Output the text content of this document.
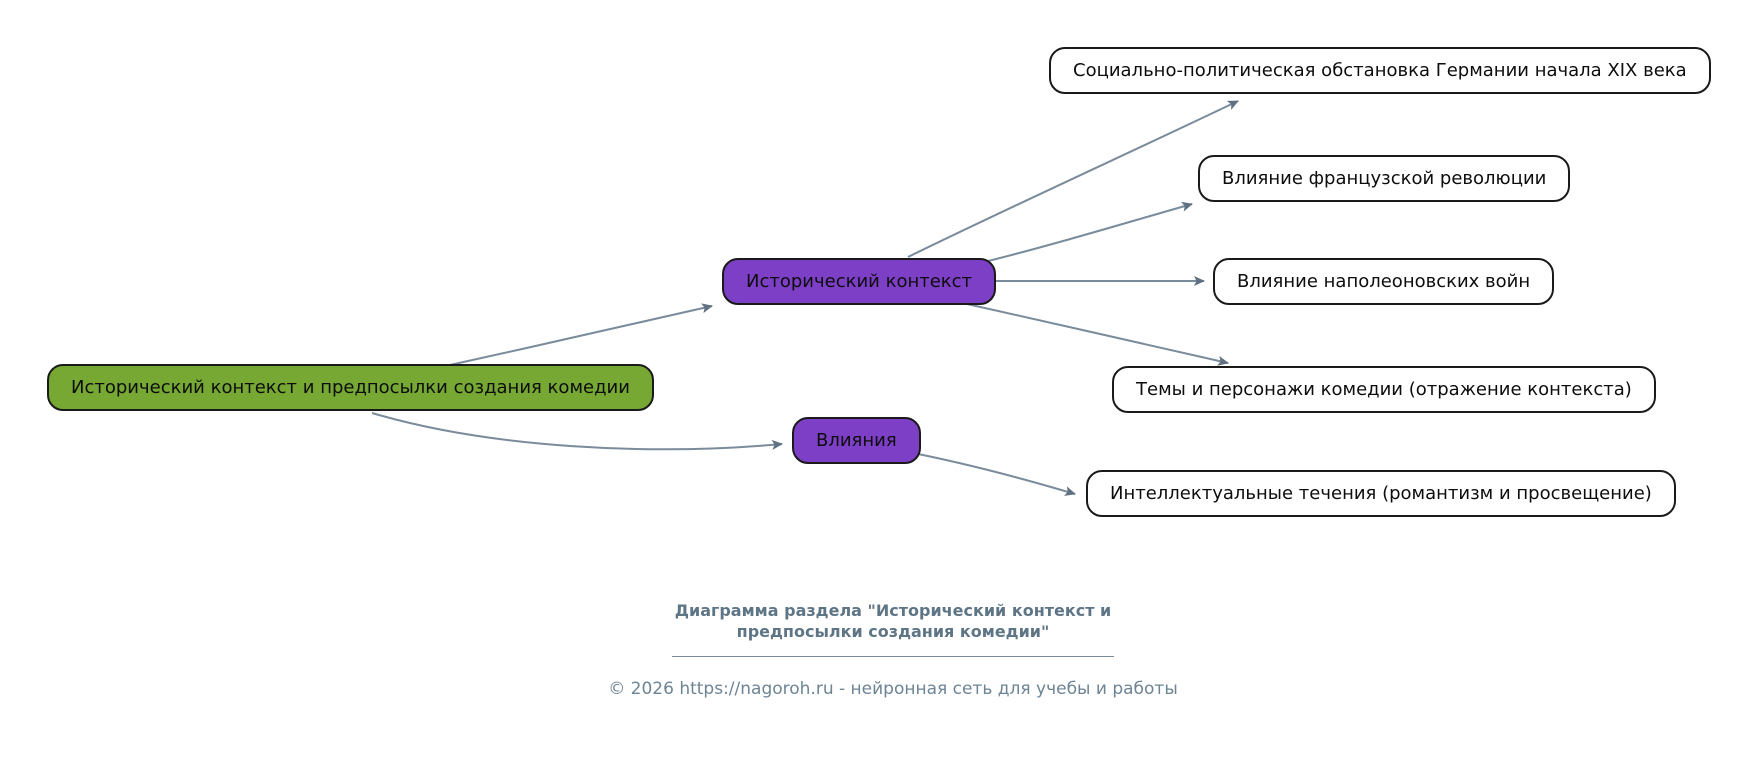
Исторический контекст и предпосылки создания комедии
Исторический контекст
Влияния
Социально-политическая обстановка Германии начала XIX века
Влияние французской революции
Влияние наполеоновских войн
Темы и персонажи комедии (отражение контекста)
Интеллектуальные течения (романтизм и просвещение)
Диаграмма раздела "Исторический контекст и
предпосылки создания комедии"
© 2026 https://nagoroh.ru - нейронная сеть для учебы и работы
